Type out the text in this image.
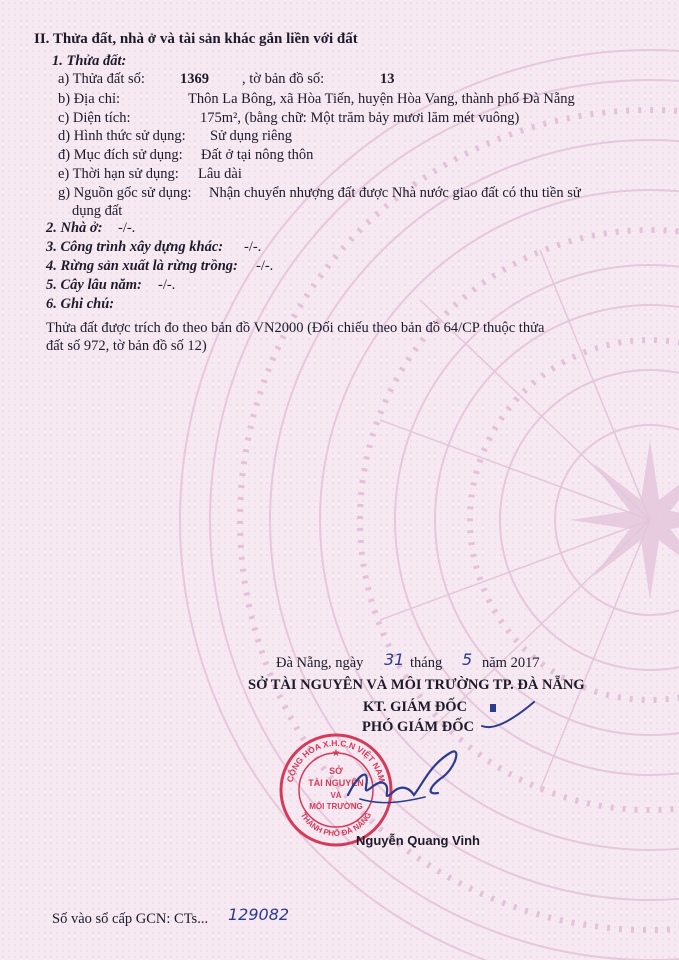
II. Thửa đất, nhà ở và tài sản khác gắn liền với đất
1. Thửa đất:
a) Thửa đất số: 1369 , tờ bản đồ số:	13
b) Địa chỉ:	Thôn La Bông, xã Hòa Tiến, huyện Hòa Vang, thành phố Đà Nẵng
c) Diện tích:	175m², (bằng chữ: Một trăm bảy mươi lăm mét vuông)
d) Hình thức sử dụng: Sử dụng riêng
đ) Mục đích sử dụng: Đất ở tại nông thôn
e) Thời hạn sử dụng: Lâu dài
g) Nguồn gốc sử dụng: Nhận chuyển nhượng đất được Nhà nước giao đất có thu tiền sử
dụng đất
2. Nhà ở: -/-.
3. Công trình xây dựng khác: -/-.
4. Rừng sản xuất là rừng trồng: -/-.
5. Cây lâu năm: -/-.
6. Ghi chú:
Thửa đất được trích đo theo bản đồ VN2000 (Đối chiếu theo bản đồ 64/CP thuộc thửa
đất số 972, tờ bản đồ số 12)
Đà Nẵng, ngày 31 tháng 5 năm 2017
SỞ TÀI NGUYÊN VÀ MÔI TRƯỜNG TP. ĐÀ NẴNG
KT. GIÁM ĐỐC
PHÓ GIÁM ĐỐC
CỘNG HÒA X.H.C.N VIỆT NAM
THÀNH PHỐ ĐÀ NẴNG
SỞ
TÀI NGUYÊN
VÀ
MÔI TRƯỜNG
★
Nguyễn Quang Vinh
Số vào sổ cấp GCN: CTs... 129082
